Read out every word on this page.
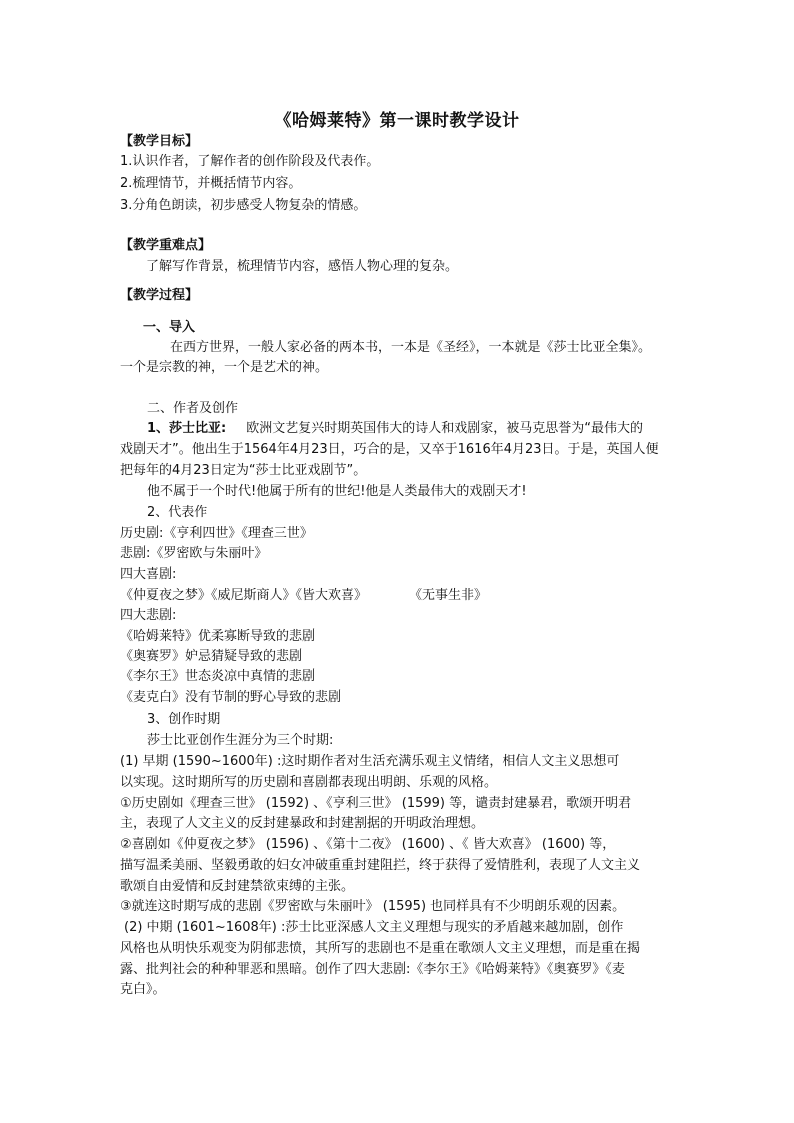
《哈姆莱特》第一课时教学设计
【教学目标】
1.认识作者，了解作者的创作阶段及代表作。
2.梳理情节，并概括情节内容。
3.分角色朗读，初步感受人物复杂的情感。
【教学重难点】
了解写作背景，梳理情节内容，感悟人物心理的复杂。
【教学过程】
一、导入
在西方世界，一般人家必备的两本书，一本是《圣经》，一本就是《莎士比亚全集》。
一个是宗教的神，一个是艺术的神。
二、作者及创作
1、莎士比亚: 欧洲文艺复兴时期英国伟大的诗人和戏剧家，被马克思誉为“最伟大的
戏剧天才”。他出生于1564年4月23日，巧合的是，又卒于1616年4月23日。于是，英国人便
把每年的4月23日定为“莎士比亚戏剧节”。
他不属于一个时代!他属于所有的世纪!他是人类最伟大的戏剧天才!
2、代表作
历史剧:《亨利四世》《理查三世》
悲剧:《罗密欧与朱丽叶》
四大喜剧:
《仲夏夜之梦》《威尼斯商人》《皆大欢喜》	《无事生非》
四大悲剧:
《哈姆莱特》优柔寡断导致的悲剧
《奥赛罗》妒忌猜疑导致的悲剧
《李尔王》世态炎凉中真情的悲剧
《麦克白》没有节制的野心导致的悲剧
3、创作时期
莎士比亚创作生涯分为三个时期:
(1) 早期 (1590~1600年) :这时期作者对生活充满乐观主义情绪，相信人文主义思想可
以实现。这时期所写的历史剧和喜剧都表现出明朗、乐观的风格。
①历史剧如《理查三世》 (1592) 、《亨利三世》 (1599) 等，谴责封建暴君，歌颂开明君
主，表现了人文主义的反封建暴政和封建割据的开明政治理想。
②喜剧如《仲夏夜之梦》 (1596) 、《第十二夜》 (1600) 、《 皆大欢喜》 (1600) 等，
描写温柔美丽、坚毅勇敢的妇女冲破重重封建阻拦，终于获得了爱情胜利，表现了人文主义
歌颂自由爱情和反封建禁欲束缚的主张。
③就连这时期写成的悲剧《罗密欧与朱丽叶》 (1595) 也同样具有不少明朗乐观的因素。
(2) 中期 (1601~1608年) :莎士比亚深感人文主义理想与现实的矛盾越来越加剧，创作
风格也从明快乐观变为阴郁悲愤，其所写的悲剧也不是重在歌颂人文主义理想，而是重在揭
露、批判社会的种种罪恶和黑暗。创作了四大悲剧:《李尔王》《哈姆莱特》《奥赛罗》《麦
克白》。
